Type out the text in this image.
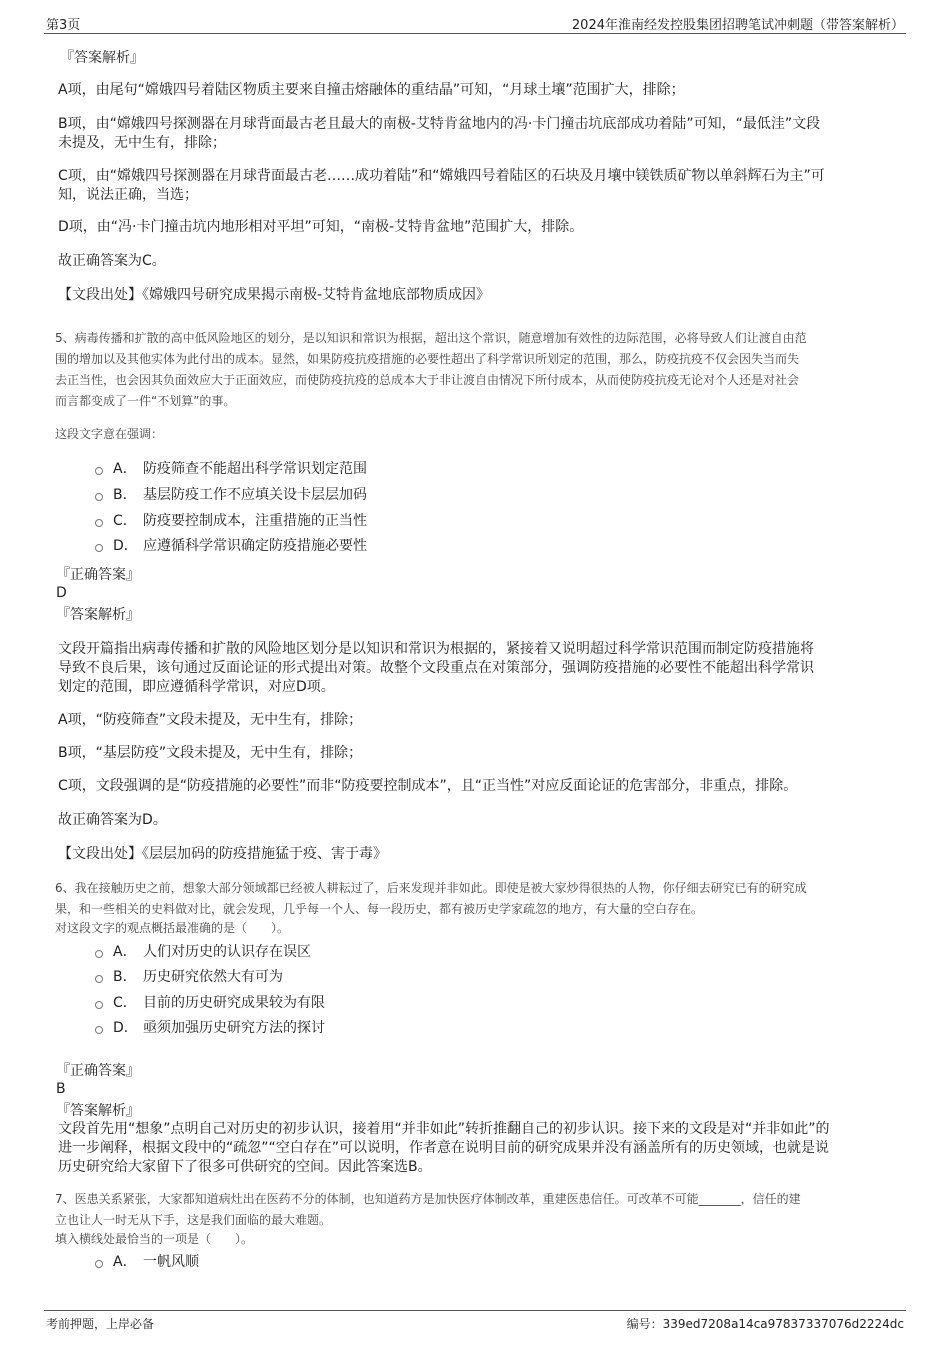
第3页	2024年淮南经发控股集团招聘笔试冲刺题（带答案解析）
『答案解析』
A项，由尾句“嫦娥四号着陆区物质主要来自撞击熔融体的重结晶”可知，“月球土壤”范围扩大，排除；
B项，由“嫦娥四号探测器在月球背面最古老且最大的南极-艾特肯盆地内的冯·卡门撞击坑底部成功着陆”可知，“最低洼”文段
未提及，无中生有，排除；
C项，由“嫦娥四号探测器在月球背面最古老……成功着陆”和“嫦娥四号着陆区的石块及月壤中镁铁质矿物以单斜辉石为主”可
知，说法正确，当选；
D项，由“冯·卡门撞击坑内地形相对平坦”可知，“南极-艾特肯盆地”范围扩大，排除。
故正确答案为C。
【文段出处】《嫦娥四号研究成果揭示南极-艾特肯盆地底部物质成因》
5、病毒传播和扩散的高中低风险地区的划分，是以知识和常识为根据，超出这个常识，随意增加有效性的边际范围，必将导致人们让渡自由范
围的增加以及其他实体为此付出的成本。显然，如果防疫抗疫措施的必要性超出了科学常识所划定的范围，那么，防疫抗疫不仅会因失当而失
去正当性，也会因其负面效应大于正面效应，而使防疫抗疫的总成本大于非让渡自由情况下所付成本，从而使防疫抗疫无论对个人还是对社会
而言都变成了一件“不划算”的事。
这段文字意在强调：
A． 防疫筛查不能超出科学常识划定范围
B． 基层防疫工作不应填关设卡层层加码
C． 防疫要控制成本，注重措施的正当性
D． 应遵循科学常识确定防疫措施必要性
『正确答案』
D
『答案解析』
文段开篇指出病毒传播和扩散的风险地区划分是以知识和常识为根据的，紧接着又说明超过科学常识范围而制定防疫措施将
导致不良后果，该句通过反面论证的形式提出对策。故整个文段重点在对策部分，强调防疫措施的必要性不能超出科学常识
划定的范围，即应遵循科学常识，对应D项。
A项，“防疫筛查”文段未提及，无中生有，排除；
B项，“基层防疫”文段未提及，无中生有，排除；
C项，文段强调的是“防疫措施的必要性”而非“防疫要控制成本”，且“正当性”对应反面论证的危害部分，非重点，排除。
故正确答案为D。
【文段出处】《层层加码的防疫措施猛于疫、害于毒》
6、我在接触历史之前，想象大部分领域都已经被人耕耘过了，后来发现并非如此。即使是被大家炒得很热的人物，你仔细去研究已有的研究成
果，和一些相关的史料做对比，就会发现，几乎每一个人、每一段历史，都有被历史学家疏忽的地方，有大量的空白存在。
对这段文字的观点概括最准确的是（　　）。
A． 人们对历史的认识存在误区
B． 历史研究依然大有可为
C． 目前的历史研究成果较为有限
D． 亟须加强历史研究方法的探讨
『正确答案』
B
『答案解析』
文段首先用“想象”点明自己对历史的初步认识，接着用“并非如此”转折推翻自己的初步认识。接下来的文段是对“并非如此”的
进一步阐释，根据文段中的“疏忽”“空白存在”可以说明，作者意在说明目前的研究成果并没有涵盖所有的历史领域，也就是说
历史研究给大家留下了很多可供研究的空间。因此答案选B。
7、医患关系紧张，大家都知道病灶出在医药不分的体制，也知道药方是加快医疗体制改革，重建医患信任。可改革不可能_______，信任的建
立也让人一时无从下手，这是我们面临的最大难题。
填入横线处最恰当的一项是（　　）。
A． 一帆风顺
考前押题，上岸必备	编号：339ed7208a14ca97837337076d2224dc
